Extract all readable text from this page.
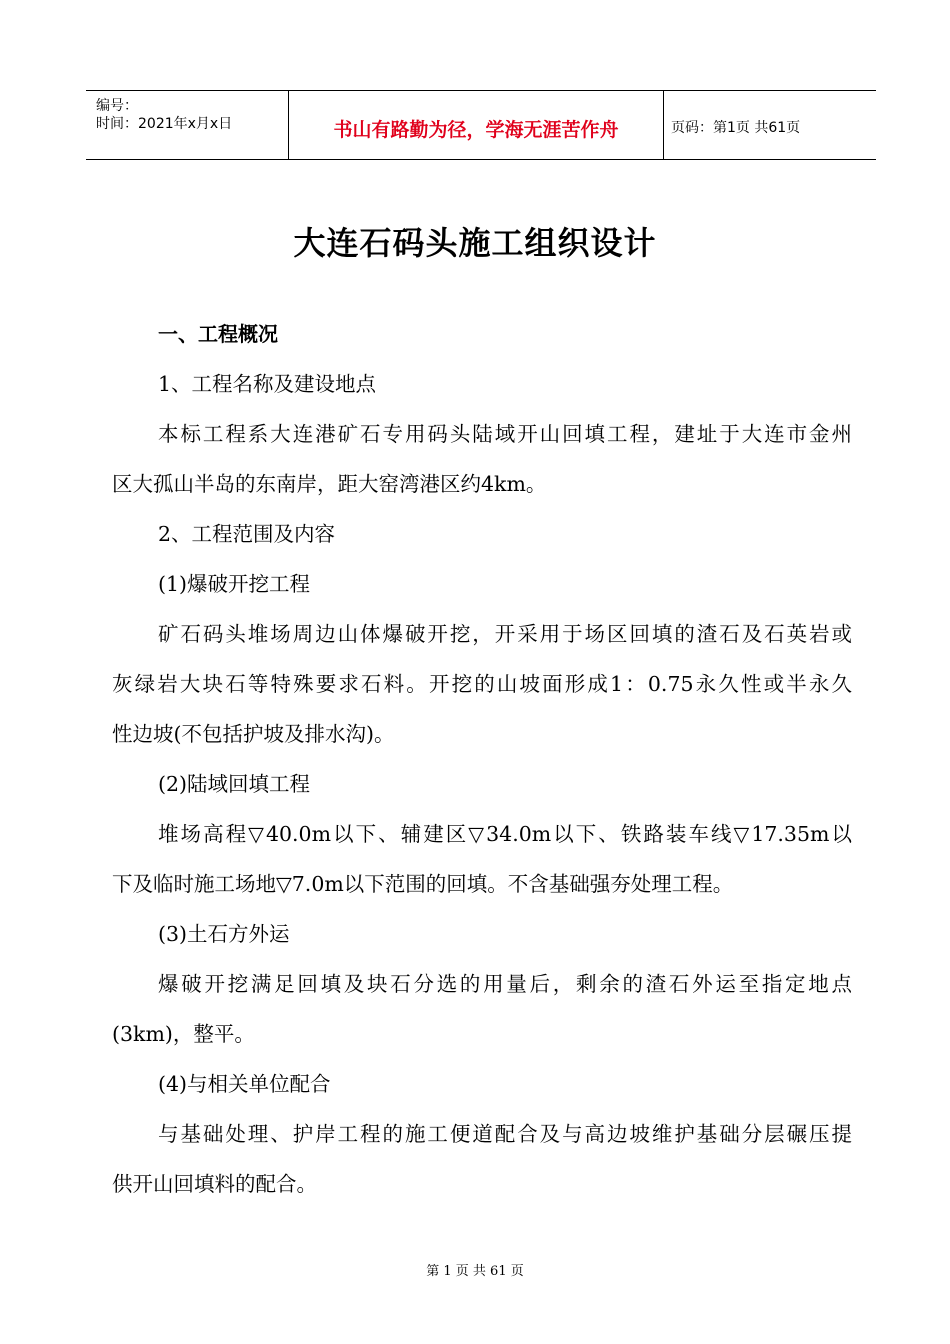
编号：
时间：2021年x月x日	书山有路勤为径，学海无涯苦作舟	页码：第1页 共61页
大连石码头施工组织设计
一、工程概况
1、工程名称及建设地点
本标工程系大连港矿石专用码头陆域开山回填工程，建址于大连市金州
区大孤山半岛的东南岸，距大窑湾港区约4km。
2、工程范围及内容
(1)爆破开挖工程
矿石码头堆场周边山体爆破开挖，开采用于场区回填的渣石及石英岩或
灰绿岩大块石等特殊要求石料。开挖的山坡面形成1：0.75永久性或半永久
性边坡(不包括护坡及排水沟)。
(2)陆域回填工程
堆场高程▽40.0m以下、辅建区▽34.0m以下、铁路装车线▽17.35m以
下及临时施工场地▽7.0m以下范围的回填。不含基础强夯处理工程。
(3)土石方外运
爆破开挖满足回填及块石分选的用量后，剩余的渣石外运至指定地点
(3km)，整平。
(4)与相关单位配合
与基础处理、护岸工程的施工便道配合及与高边坡维护基础分层碾压提
供开山回填料的配合。
第 1 页 共 61 页
